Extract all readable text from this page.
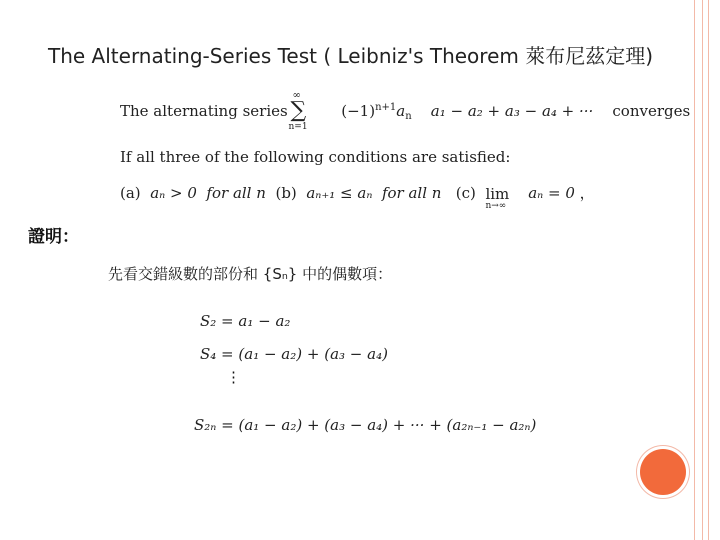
The Alternating-Series Test ( Leibniz's Theorem 萊布尼茲定理)
The alternating series
∞
∑
n=1
$(-1)^{n+1}a_n$ a₁ − a₂ + a₃ − a₄ + ··· converges
If all three of the following conditions are satisfied:
(a) aₙ > 0 for all n (b) aₙ₊₁ ≤ aₙ for all n (c) lim
n→∞
aₙ = 0 ，
證明：
先看交錯級數的部份和 {Sₙ} 中的偶數項：
S₂ = a₁ − a₂
S₄ = (a₁ − a₂) + (a₃ − a₄)
⋮
S₂ₙ = (a₁ − a₂) + (a₃ − a₄) + ··· + (a₂ₙ₋₁ − a₂ₙ)
